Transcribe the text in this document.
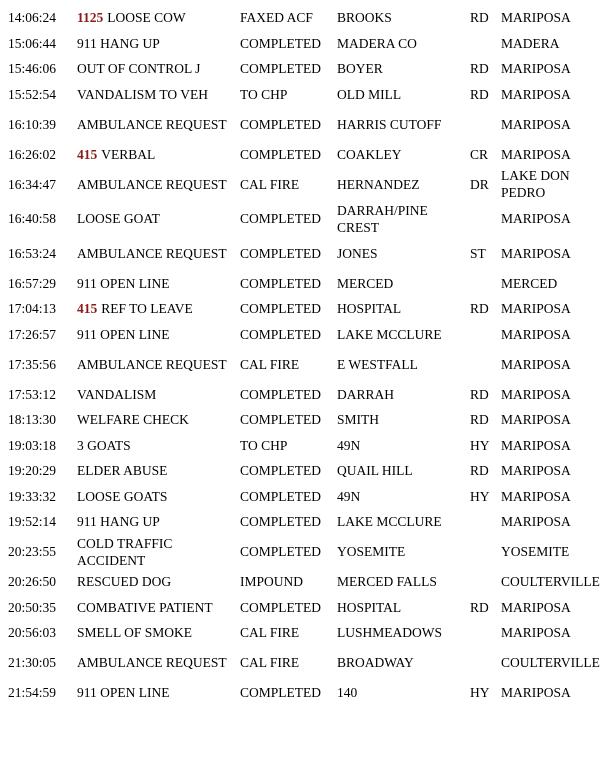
14:06:24	1125 LOOSE COW	FAXED ACF	BROOKS	RD	MARIPOSA
15:06:44	911 HANG UP	COMPLETED	MADERA CO		MADERA
15:46:06	OUT OF CONTROL J	COMPLETED	BOYER	RD	MARIPOSA
15:52:54	VANDALISM TO VEH	TO CHP	OLD MILL	RD	MARIPOSA
16:10:39	AMBULANCE REQUEST	COMPLETED	HARRIS CUTOFF		MARIPOSA
16:26:02	415 VERBAL	COMPLETED	COAKLEY	CR	MARIPOSA
16:34:47	AMBULANCE REQUEST	CAL FIRE	HERNANDEZ	DR	LAKE DON PEDRO
16:40:58	LOOSE GOAT	COMPLETED	DARRAH/PINE CREST		MARIPOSA
16:53:24	AMBULANCE REQUEST	COMPLETED	JONES	ST	MARIPOSA
16:57:29	911 OPEN LINE	COMPLETED	MERCED		MERCED
17:04:13	415 REF TO LEAVE	COMPLETED	HOSPITAL	RD	MARIPOSA
17:26:57	911 OPEN LINE	COMPLETED	LAKE MCCLURE		MARIPOSA
17:35:56	AMBULANCE REQUEST	CAL FIRE	E WESTFALL		MARIPOSA
17:53:12	VANDALISM	COMPLETED	DARRAH	RD	MARIPOSA
18:13:30	WELFARE CHECK	COMPLETED	SMITH	RD	MARIPOSA
19:03:18	3 GOATS	TO CHP	49N	HY	MARIPOSA
19:20:29	ELDER ABUSE	COMPLETED	QUAIL HILL	RD	MARIPOSA
19:33:32	LOOSE GOATS	COMPLETED	49N	HY	MARIPOSA
19:52:14	911 HANG UP	COMPLETED	LAKE MCCLURE		MARIPOSA
20:23:55	COLD TRAFFIC ACCIDENT	COMPLETED	YOSEMITE		YOSEMITE
20:26:50	RESCUED DOG	IMPOUND	MERCED FALLS		COULTERVILLE
20:50:35	COMBATIVE PATIENT	COMPLETED	HOSPITAL	RD	MARIPOSA
20:56:03	SMELL OF SMOKE	CAL FIRE	LUSHMEADOWS		MARIPOSA
21:30:05	AMBULANCE REQUEST	CAL FIRE	BROADWAY		COULTERVILLE
21:54:59	911 OPEN LINE	COMPLETED	140	HY	MARIPOSA
